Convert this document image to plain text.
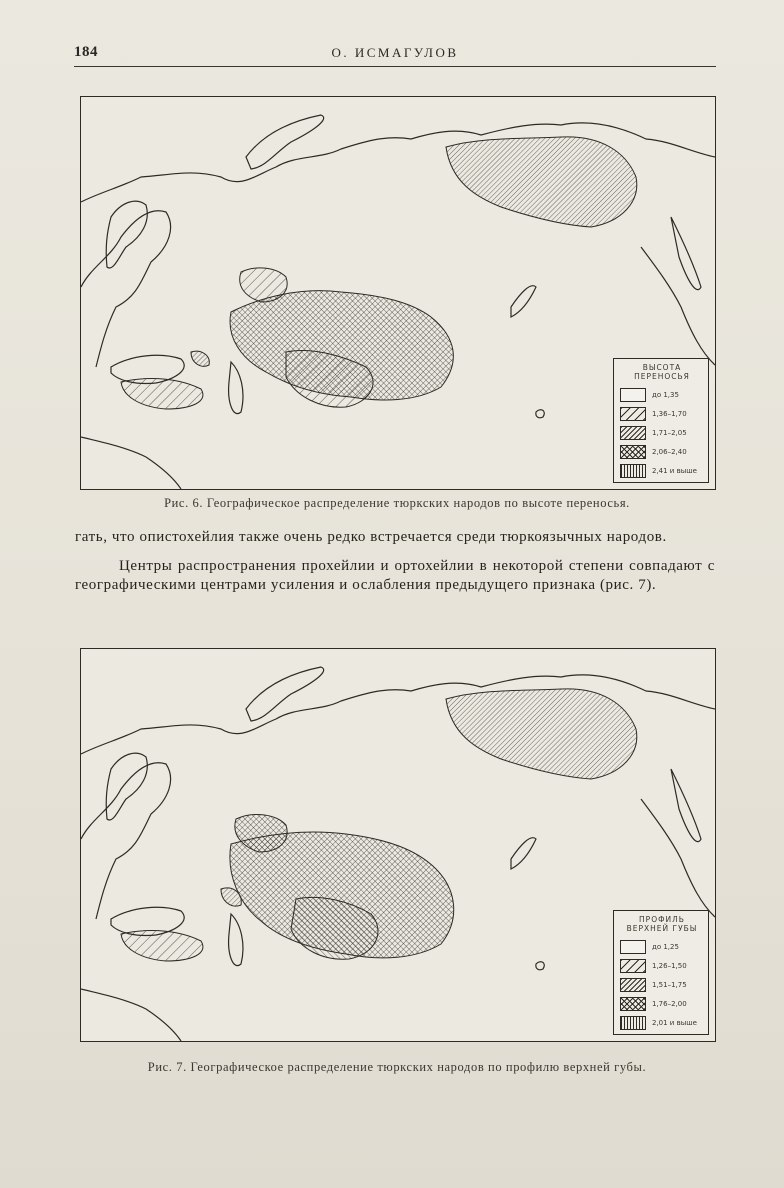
184	О. ИСМАГУЛОВ
ВЫСОТА
ПЕРЕНОСЬЯ
до 1,35
1,36–1,70
1,71–2,05
2,06–2,40
2,41 и выше
Рис. 6. Географическое распределение тюркских народов по высоте переносья.

гать, что опистохейлия также очень редко встречается среди тюркоязычных народов.

Центры распространения прохейлии и ортохейлии в некоторой степени совпадают с географическими центрами усиления и ослабления предыдущего признака (рис. 7).

ПРОФИЛЬ
ВЕРХНЕЙ ГУБЫ
до 1,25
1,26–1,50
1,51–1,75
1,76–2,00
2,01 и выше
Рис. 7. Географическое распределение тюркских народов по профилю верхней губы.
